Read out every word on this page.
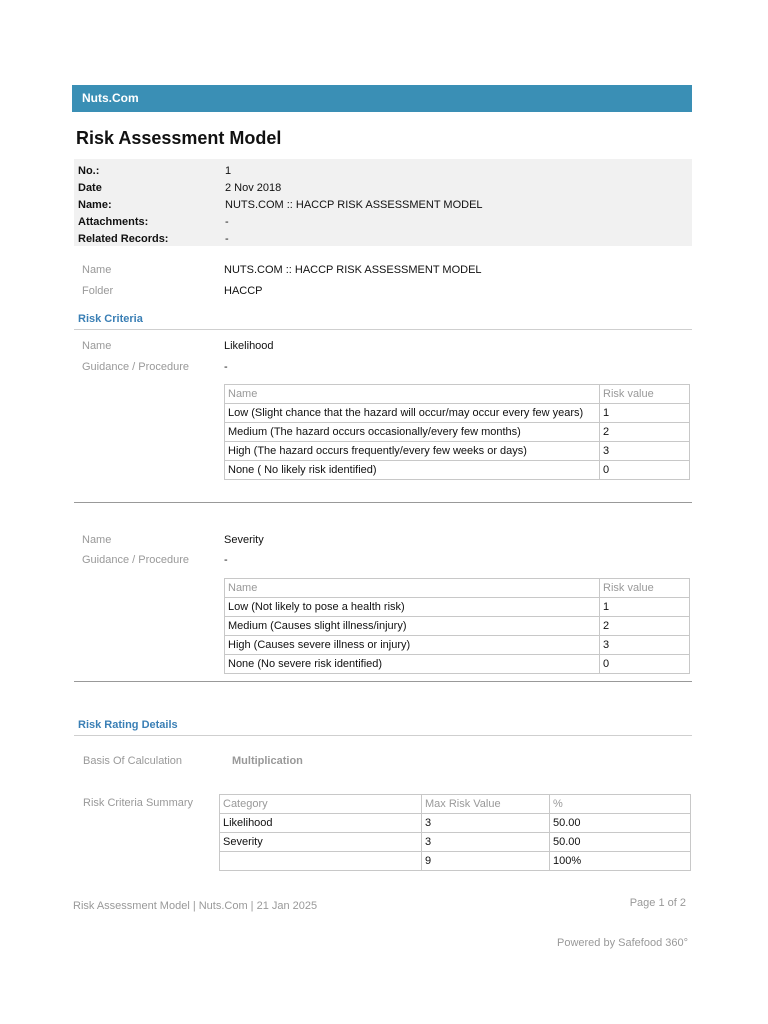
Nuts.Com
Risk Assessment Model
No.:	1
Date	2 Nov 2018
Name:	NUTS.COM :: HACCP RISK ASSESSMENT MODEL
Attachments:	-
Related Records:	-
Name	NUTS.COM :: HACCP RISK ASSESSMENT MODEL
Folder	HACCP
Risk Criteria
Name	Likelihood
Guidance / Procedure	-
Name	Risk value
Low (Slight chance that the hazard will occur/may occur every few years)	1
Medium (The hazard occurs occasionally/every few months)	2
High (The hazard occurs frequently/every few weeks or days)	3
None ( No likely risk identified)	0
Name	Severity
Guidance / Procedure	-
Name	Risk value
Low (Not likely to pose a health risk)	1
Medium (Causes slight illness/injury)	2
High (Causes severe illness or injury)	3
None (No severe risk identified)	0
Risk Rating Details
Basis Of Calculation	Multiplication
Risk Criteria Summary	Category	Max Risk Value	%
Likelihood	3	50.00
Severity	3	50.00
	9	100%
Risk Assessment Model | Nuts.Com | 21 Jan 2025	Page 1 of 2
Powered by Safefood 360°
